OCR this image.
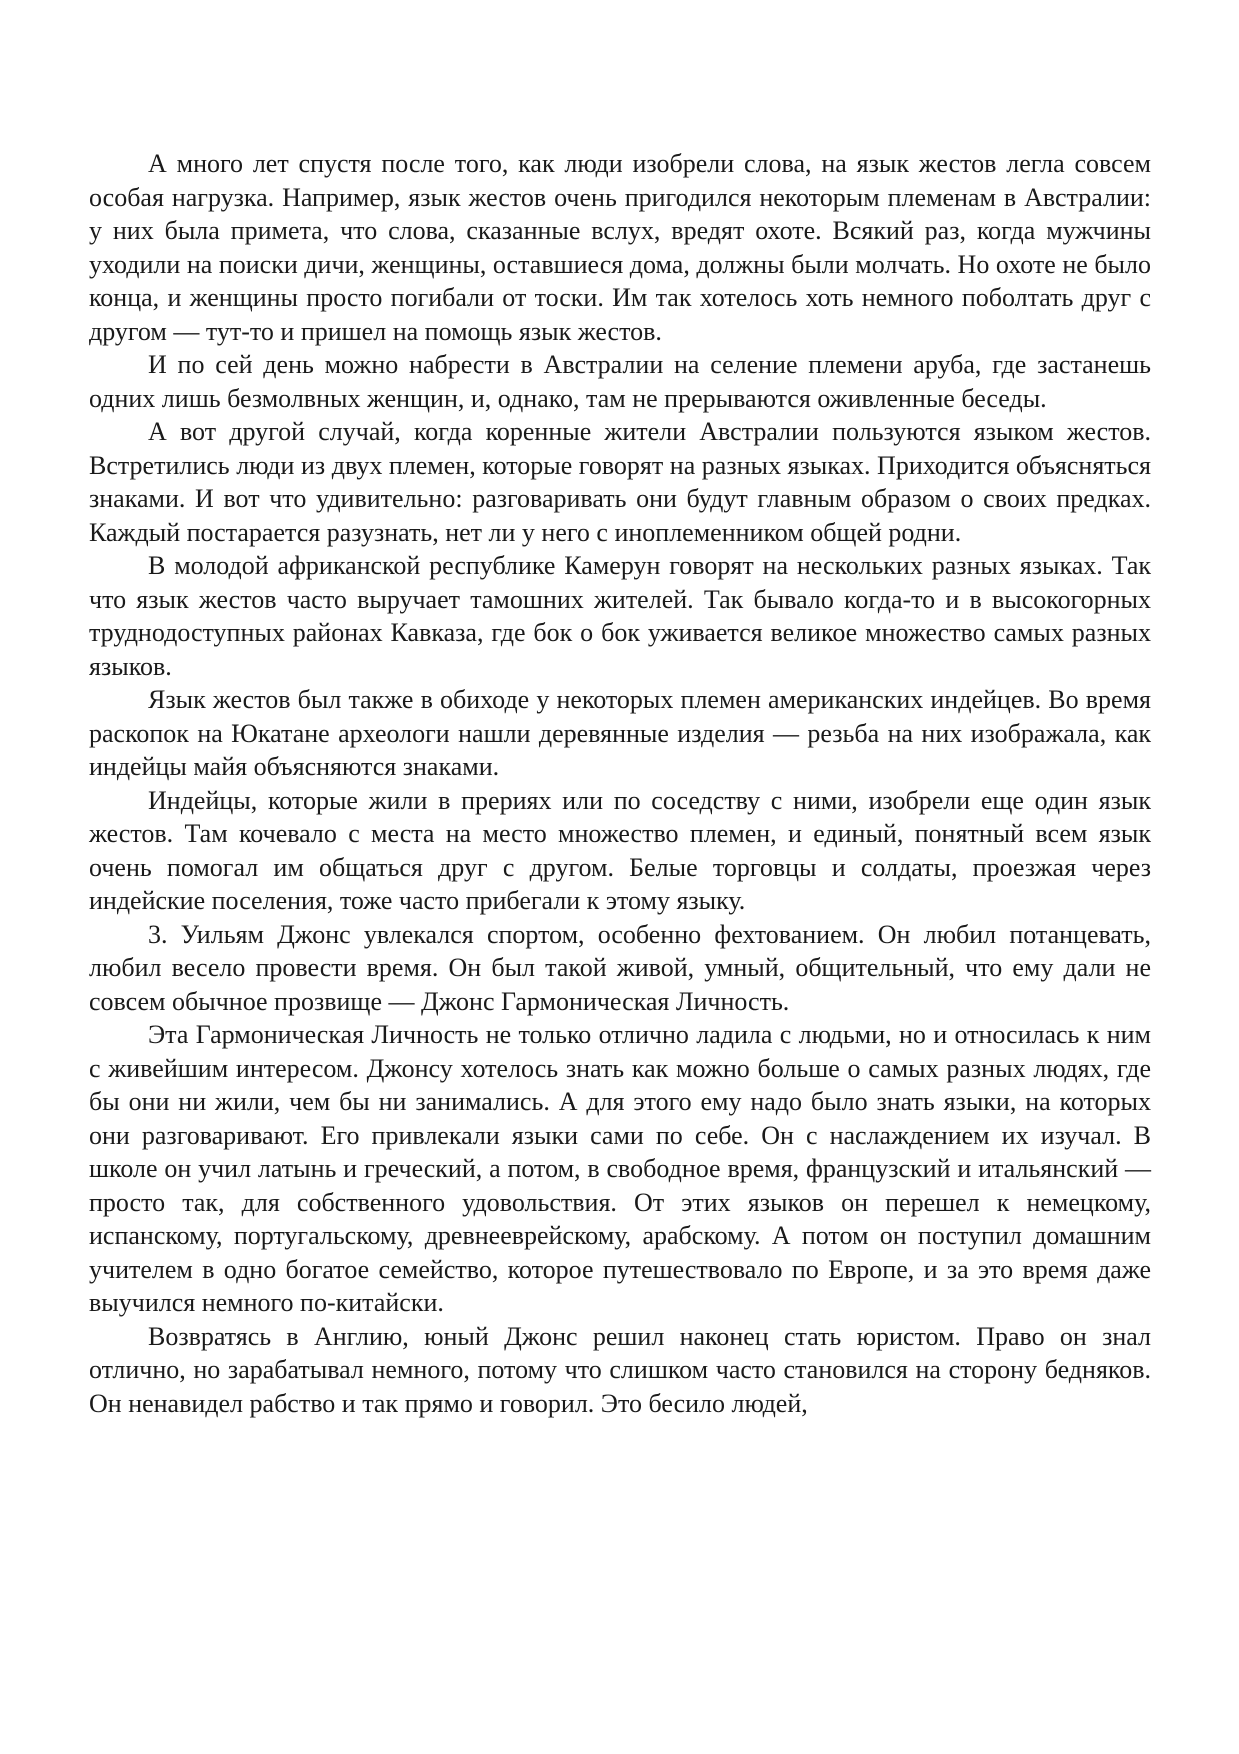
А много лет спустя после того, как люди изобрели слова, на язык жестов легла совсем особая нагрузка. Например, язык жестов очень пригодился некоторым племенам в Австралии: у них была примета, что слова, сказанные вслух, вредят охоте. Всякий раз, когда мужчины уходили на поиски дичи, женщины, оставшиеся дома, должны были молчать. Но охоте не было конца, и женщины просто погибали от тоски. Им так хотелось хоть немного поболтать друг с другом — тут-то и пришел на помощь язык жестов.

И по сей день можно набрести в Австралии на селение племени аруба, где застанешь одних лишь безмолвных женщин, и, однако, там не прерываются оживленные беседы.

А вот другой случай, когда коренные жители Австралии пользуются языком жестов. Встретились люди из двух племен, которые говорят на разных языках. Приходится объясняться знаками. И вот что удивительно: разговаривать они будут главным образом о своих предках. Каждый постарается разузнать, нет ли у него с иноплеменником общей родни.

В молодой африканской республике Камерун говорят на нескольких разных языках. Так что язык жестов часто выручает тамошних жителей. Так бывало когда-то и в высокогорных труднодоступных районах Кавказа, где бок о бок уживается великое множество самых разных языков.

Язык жестов был также в обиходе у некоторых племен американских индейцев. Во время раскопок на Юкатане археологи нашли деревянные изделия — резьба на них изображала, как индейцы майя объясняются знаками.

Индейцы, которые жили в прериях или по соседству с ними, изобрели еще один язык жестов. Там кочевало с места на место множество племен, и единый, понятный всем язык очень помогал им общаться друг с другом. Белые торговцы и солдаты, проезжая через индейские поселения, тоже часто прибегали к этому языку.

3. Уильям Джонс увлекался спортом, особенно фехтованием. Он любил потанцевать, любил весело провести время. Он был такой живой, умный, общительный, что ему дали не совсем обычное прозвище — Джонс Гармоническая Личность.

Эта Гармоническая Личность не только отлично ладила с людьми, но и относилась к ним с живейшим интересом. Джонсу хотелось знать как можно больше о самых разных людях, где бы они ни жили, чем бы ни занимались. А для этого ему надо было знать языки, на которых они разговаривают. Его привлекали языки сами по себе. Он с наслаждением их изучал. В школе он учил латынь и греческий, а потом, в свободное время, французский и итальянский — просто так, для собственного удовольствия. От этих языков он перешел к немецкому, испанскому, португальскому, древнееврейскому, арабскому. А потом он поступил домашним учителем в одно богатое семейство, которое путешествовало по Европе, и за это время даже выучился немного по-китайски.

Возвратясь в Англию, юный Джонс решил наконец стать юристом. Право он знал отлично, но зарабатывал немного, потому что слишком часто становился на сторону бедняков. Он ненавидел рабство и так прямо и говорил. Это бесило людей,
